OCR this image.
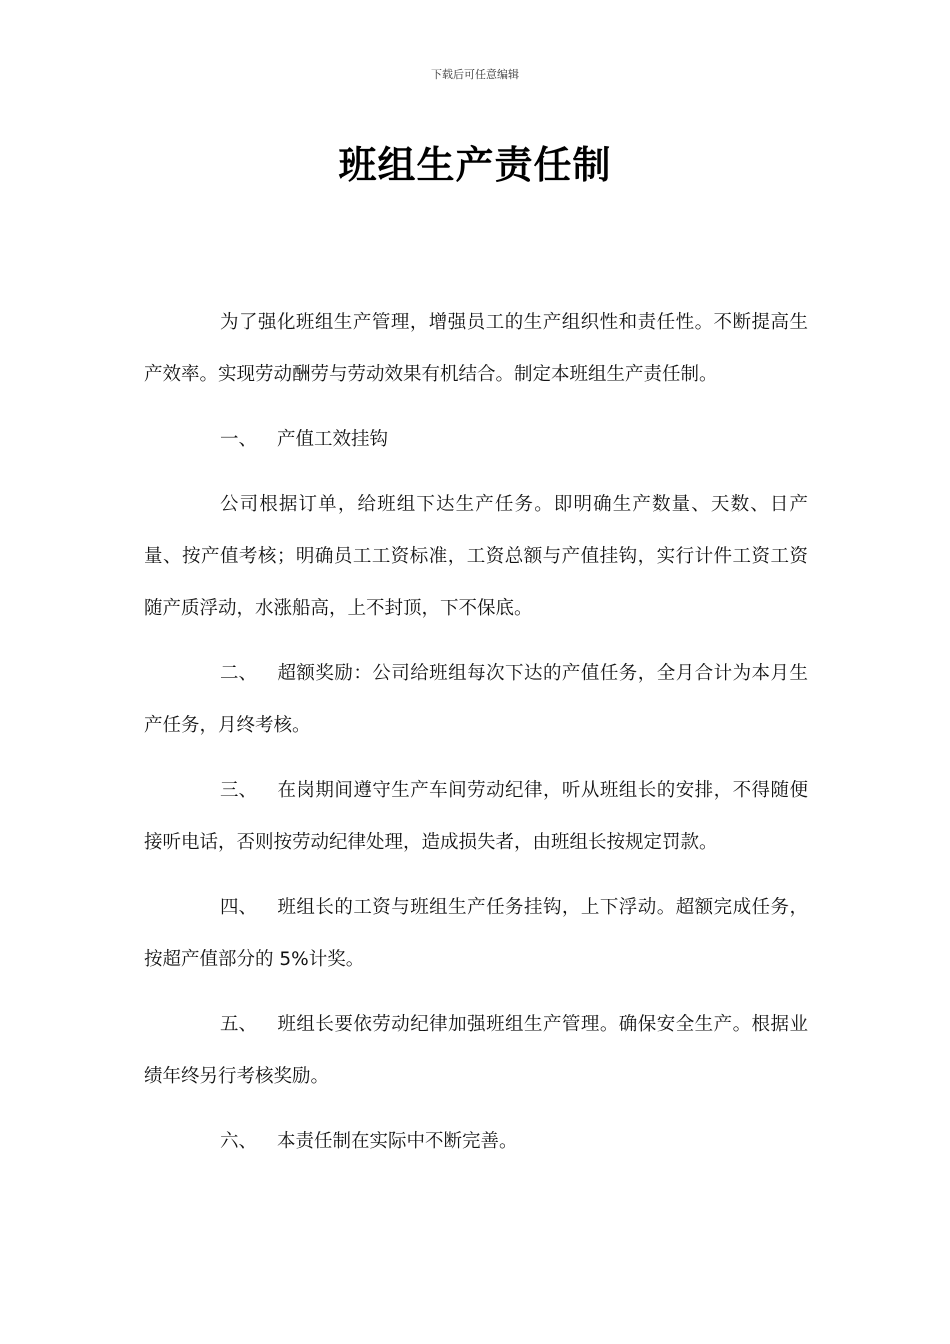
下载后可任意编辑
班组生产责任制

为了强化班组生产管理，增强员工的生产组织性和责任性。不断提高生产效率。实现劳动酬劳与劳动效果有机结合。制定本班组生产责任制。

一、 产值工效挂钩

公司根据订单，给班组下达生产任务。即明确生产数量、天数、日产量、按产值考核；明确员工工资标准，工资总额与产值挂钩，实行计件工资工资随产质浮动，水涨船高，上不封顶，下不保底。

二、 超额奖励：公司给班组每次下达的产值任务，全月合计为本月生产任务，月终考核。

三、 在岗期间遵守生产车间劳动纪律，听从班组长的安排，不得随便接听电话，否则按劳动纪律处理，造成损失者，由班组长按规定罚款。

四、 班组长的工资与班组生产任务挂钩，上下浮动。超额完成任务，按超产值部分的 5%计奖。

五、 班组长要依劳动纪律加强班组生产管理。确保安全生产。根据业绩年终另行考核奖励。

六、 本责任制在实际中不断完善。
